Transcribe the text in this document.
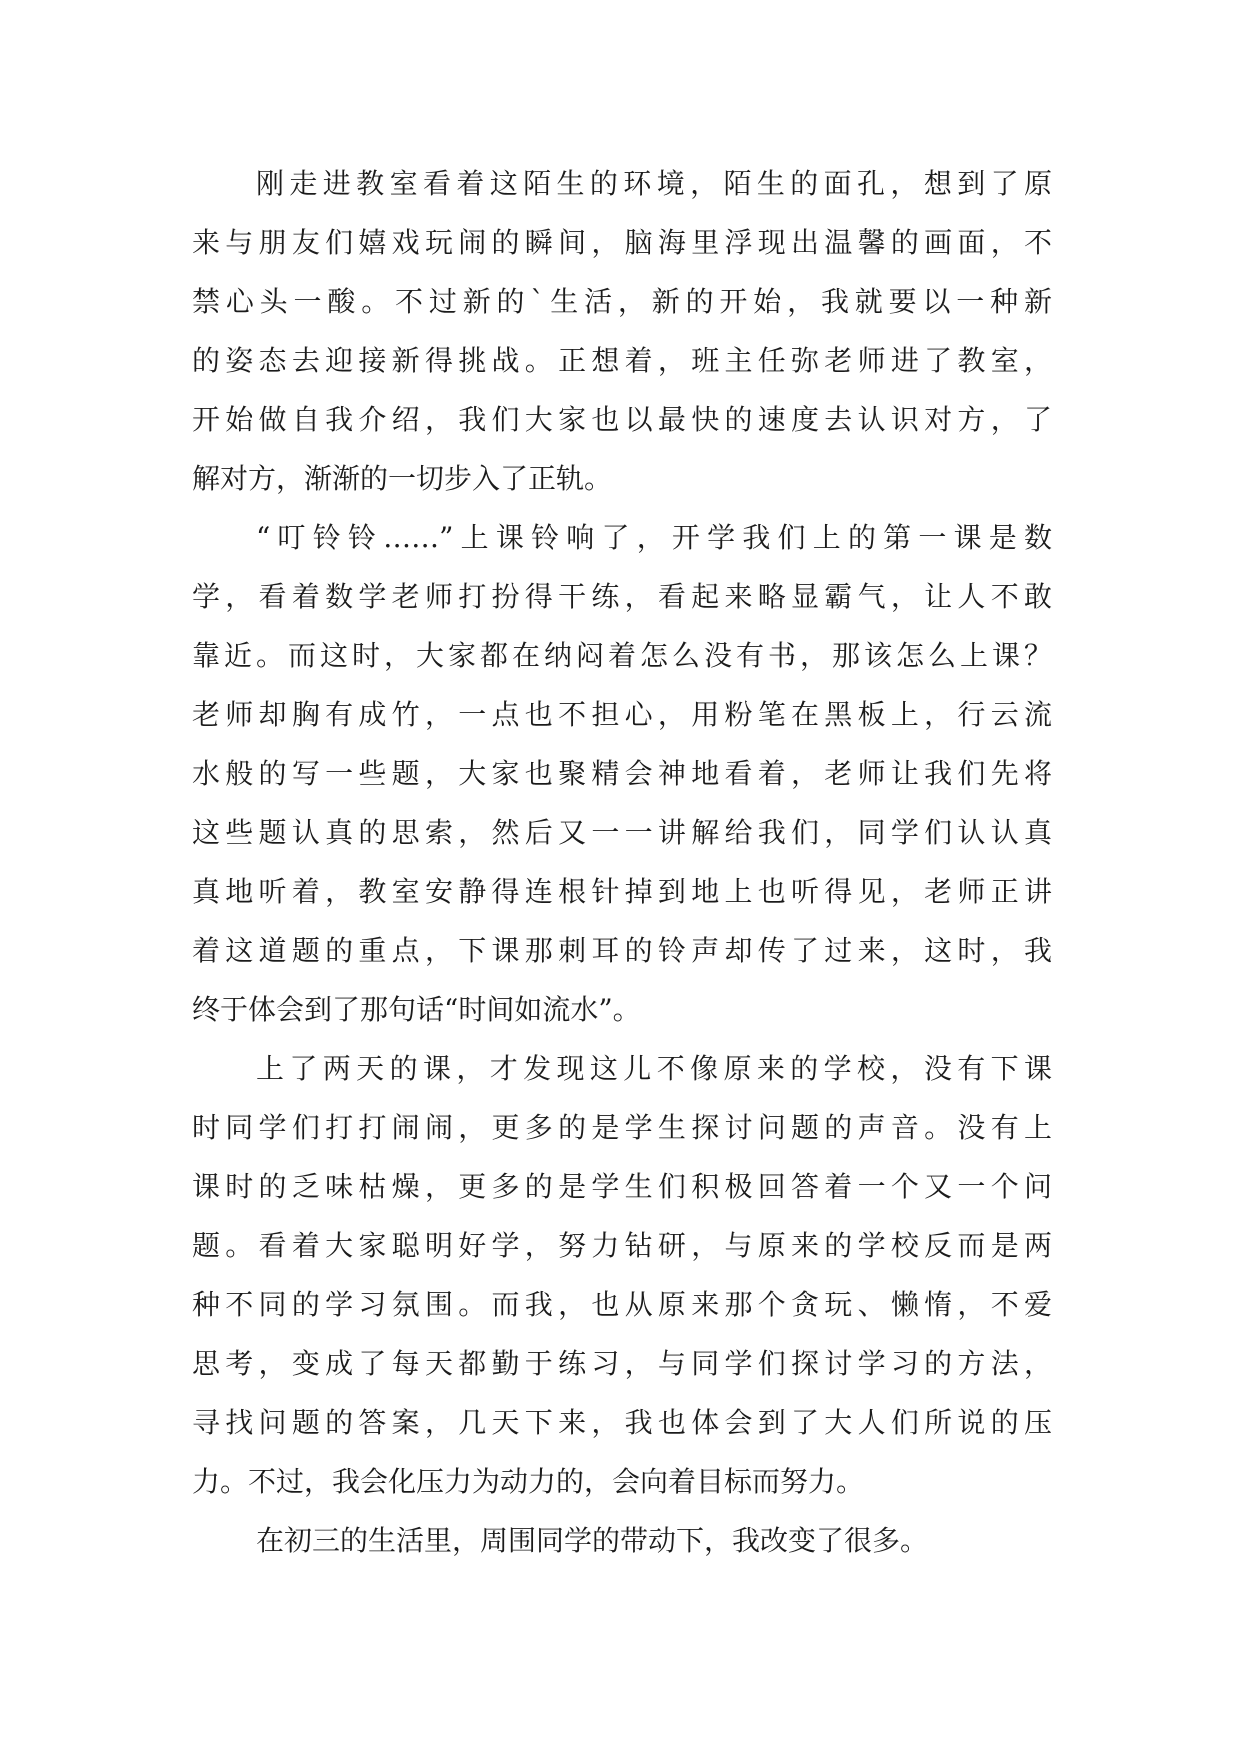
刚走进教室看着这陌生的环境，陌生的面孔，想到了原
来与朋友们嬉戏玩闹的瞬间，脑海里浮现出温馨的画面，不
禁心头一酸。不过新的`生活，新的开始，我就要以一种新
的姿态去迎接新得挑战。正想着，班主任弥老师进了教室，
开始做自我介绍，我们大家也以最快的速度去认识对方，了
解对方，渐渐的一切步入了正轨。
“叮铃铃……”上课铃响了，开学我们上的第一课是数
学，看着数学老师打扮得干练，看起来略显霸气，让人不敢
靠近。而这时，大家都在纳闷着怎么没有书，那该怎么上课？
老师却胸有成竹，一点也不担心，用粉笔在黑板上，行云流
水般的写一些题，大家也聚精会神地看着，老师让我们先将
这些题认真的思索，然后又一一讲解给我们，同学们认认真
真地听着，教室安静得连根针掉到地上也听得见，老师正讲
着这道题的重点，下课那刺耳的铃声却传了过来，这时，我
终于体会到了那句话“时间如流水”。
上了两天的课，才发现这儿不像原来的学校，没有下课
时同学们打打闹闹，更多的是学生探讨问题的声音。没有上
课时的乏味枯燥，更多的是学生们积极回答着一个又一个问
题。看着大家聪明好学，努力钻研，与原来的学校反而是两
种不同的学习氛围。而我，也从原来那个贪玩、懒惰，不爱
思考，变成了每天都勤于练习，与同学们探讨学习的方法，
寻找问题的答案，几天下来，我也体会到了大人们所说的压
力。不过，我会化压力为动力的，会向着目标而努力。
在初三的生活里，周围同学的带动下，我改变了很多。
